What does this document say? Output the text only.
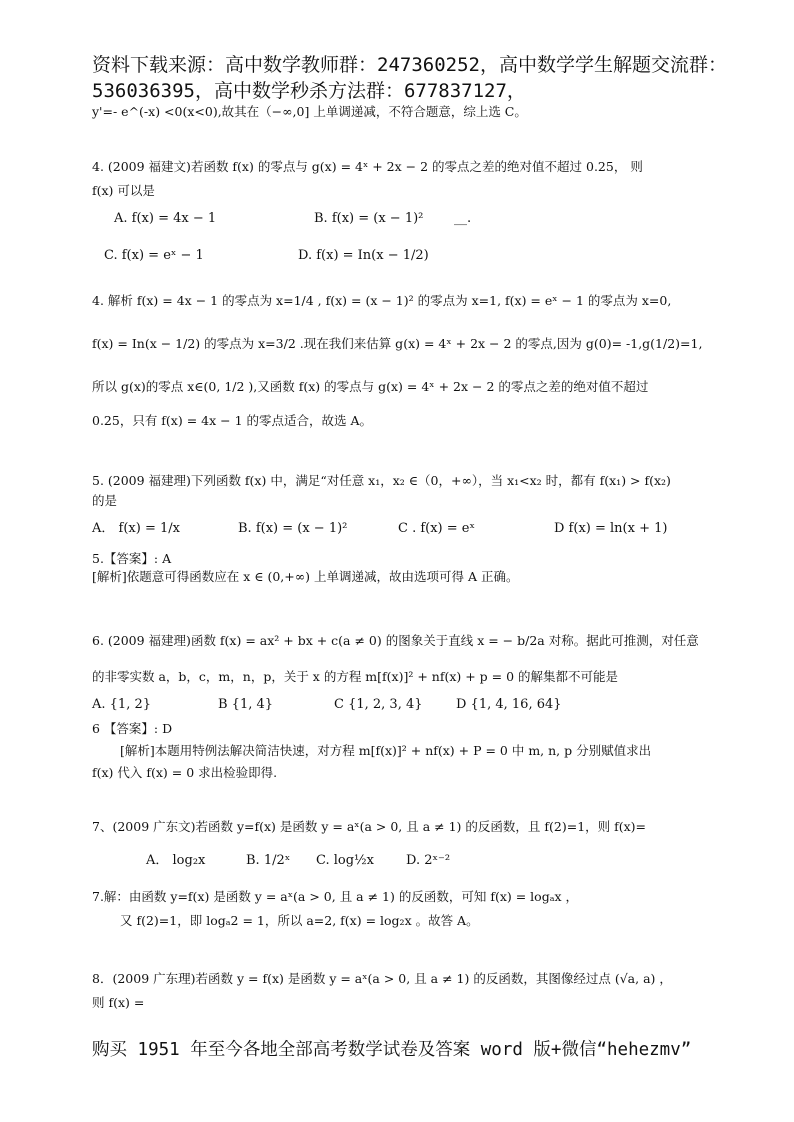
资料下载来源：高中数学教师群：247360252，高中数学学生解题交流群：
536036395，高中数学秒杀方法群：677837127，
y'=- e^(-x) <0(x<0),故其在（−∞,0] 上单调递减，不符合题意，综上选 C。
4. (2009 福建文)若函数 f(x) 的零点与 g(x) = 4ˣ + 2x − 2 的零点之差的绝对值不超过 0.25， 则
f(x) 可以是
A. f(x) = 4x − 1	B. f(x) = (x − 1)² __.
C. f(x) = eˣ − 1	D. f(x) = In(x − 1/2)
4. 解析 f(x) = 4x − 1 的零点为 x=1/4 , f(x) = (x − 1)² 的零点为 x=1, f(x) = eˣ − 1 的零点为 x=0,
f(x) = In(x − 1/2) 的零点为 x=3/2 .现在我们来估算 g(x) = 4ˣ + 2x − 2 的零点,因为 g(0)= -1,g(1/2)=1,
所以 g(x)的零点 x∈(0, 1/2 ),又函数 f(x) 的零点与 g(x) = 4ˣ + 2x − 2 的零点之差的绝对值不超过
0.25，只有 f(x) = 4x − 1 的零点适合，故选 A。
5. (2009 福建理)下列函数 f(x) 中，满足“对任意 x₁，x₂ ∈（0，+∞），当 x₁<x₂ 时，都有 f(x₁) > f(x₂)
的是
A． f(x) = 1/x	B. f(x) = (x − 1)²	C . f(x) = eˣ	D f(x) = ln(x + 1)
5.【答案】: A
[解析]依题意可得函数应在 x ∈ (0,+∞) 上单调递减，故由选项可得 A 正确。
6. (2009 福建理)函数 f(x) = ax² + bx + c(a ≠ 0) 的图象关于直线 x = − b/2a 对称。据此可推测，对任意
的非零实数 a，b，c，m，n，p，关于 x 的方程 m[f(x)]² + nf(x) + p = 0 的解集都不可能是
A. {1, 2}	B {1, 4}	C {1, 2, 3, 4}	D {1, 4, 16, 64}
6 【答案】: D
[解析]本题用特例法解决简洁快速，对方程 m[f(x)]² + nf(x) + P = 0 中 m, n, p 分别赋值求出
f(x) 代入 f(x) = 0 求出检验即得.
7、(2009 广东文)若函数 y=f(x) 是函数 y = aˣ(a > 0, 且 a ≠ 1) 的反函数，且 f(2)=1，则 f(x)=
A． log₂x	B. 1/2ˣ C. log½x D. 2ˣ⁻²
7.解：由函数 y=f(x) 是函数 y = aˣ(a > 0, 且 a ≠ 1) 的反函数，可知 f(x) = logₐx ，
又 f(2)=1，即 logₐ2 = 1，所以 a=2, f(x) = log₂x 。故答 A。
8．(2009 广东理)若函数 y = f(x) 是函数 y = aˣ(a > 0, 且 a ≠ 1) 的反函数，其图像经过点 (√a, a) ，
则 f(x) =
购买 1951 年至今各地全部高考数学试卷及答案 word 版+微信“hehezmv”
